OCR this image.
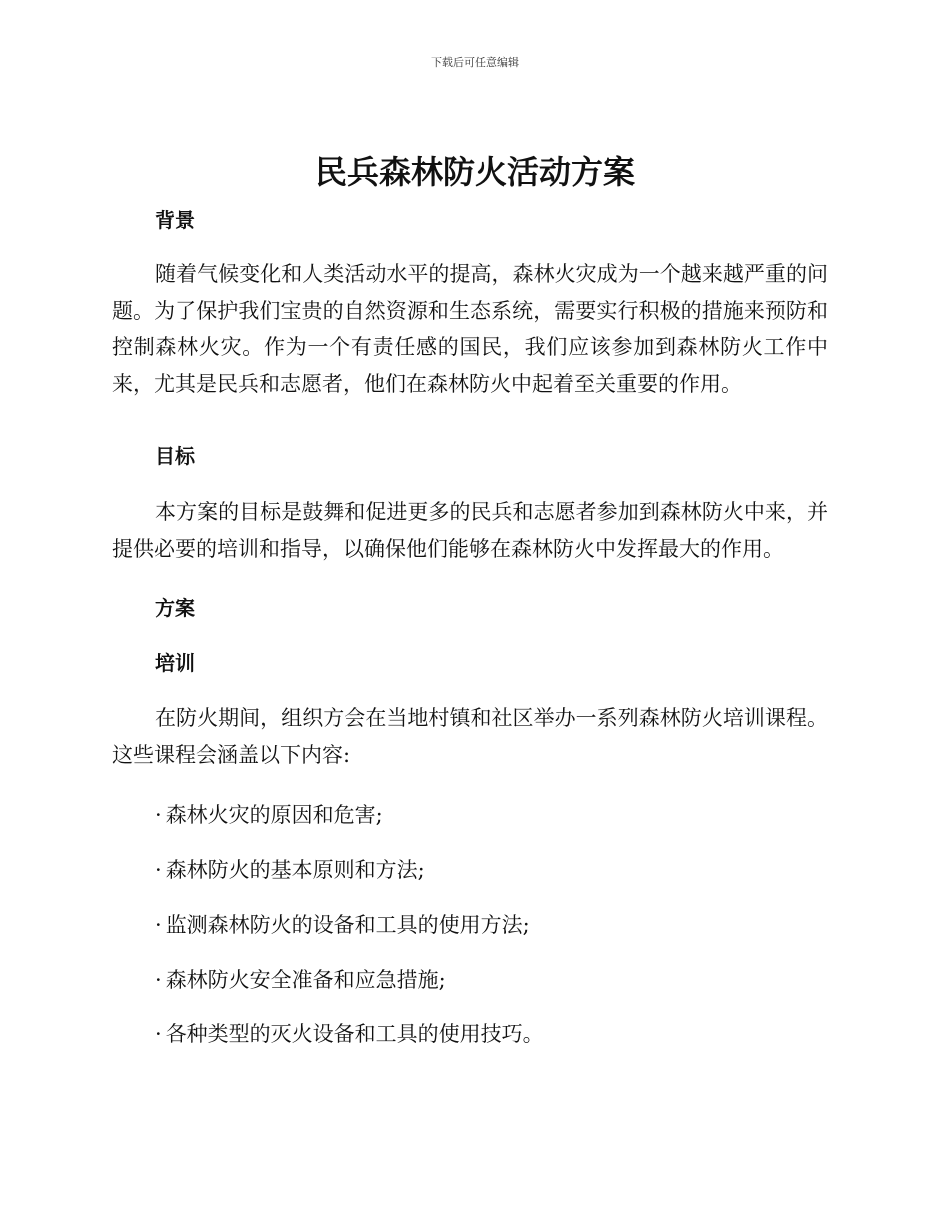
下载后可任意编辑
民兵森林防火活动方案
背景

随着气候变化和人类活动水平的提高，森林火灾成为一个越来越严重的问题。为了保护我们宝贵的自然资源和生态系统，需要实行积极的措施来预防和控制森林火灾。作为一个有责任感的国民，我们应该参加到森林防火工作中来，尤其是民兵和志愿者，他们在森林防火中起着至关重要的作用。

目标

本方案的目标是鼓舞和促进更多的民兵和志愿者参加到森林防火中来，并提供必要的培训和指导，以确保他们能够在森林防火中发挥最大的作用。

方案
培训

在防火期间，组织方会在当地村镇和社区举办一系列森林防火培训课程。这些课程会涵盖以下内容:

· 森林火灾的原因和危害;
· 森林防火的基本原则和方法;
· 监测森林防火的设备和工具的使用方法;
· 森林防火安全准备和应急措施;
· 各种类型的灭火设备和工具的使用技巧。
